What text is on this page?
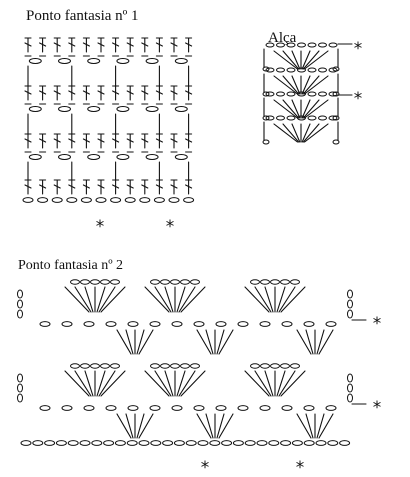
Ponto fantasia nº 1
Alça
Ponto fantasia nº 2
*	*
*
*
*
*
*	*
